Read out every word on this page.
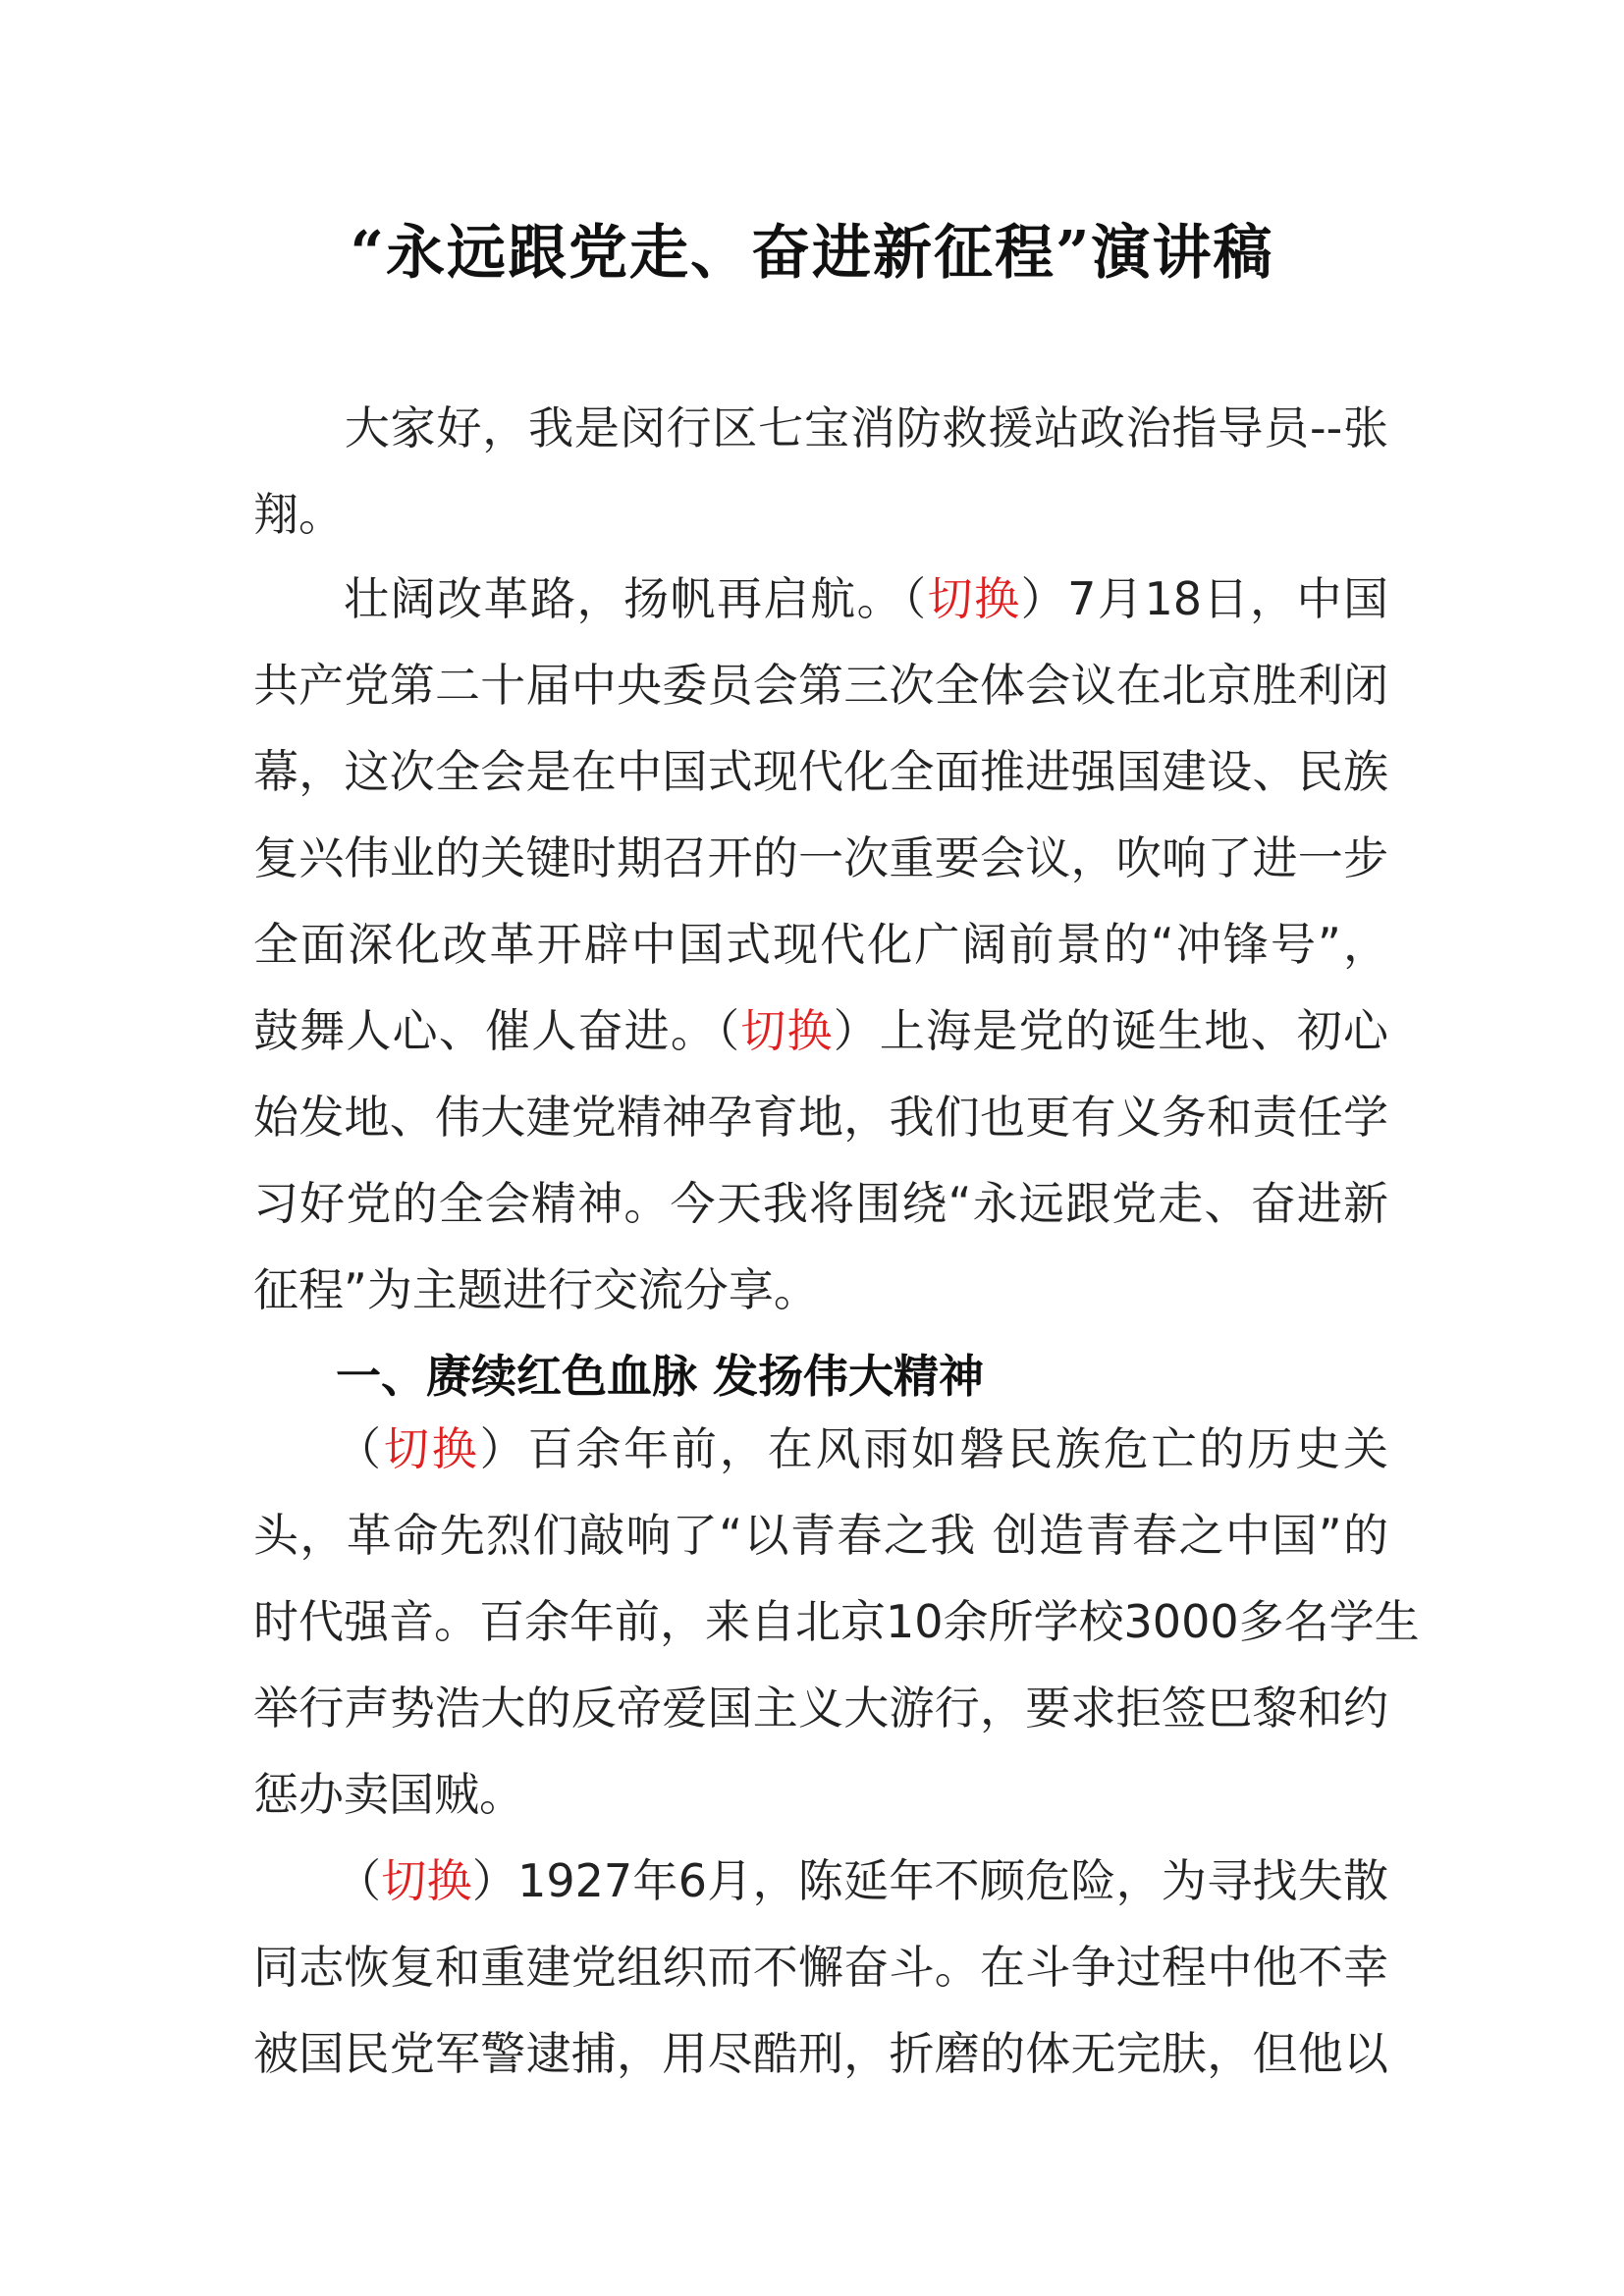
“永远跟党走、奋进新征程”演讲稿
大家好，我是闵行区七宝消防救援站政治指导员--张
翔。
壮阔改革路，扬帆再启航。（切换）7月18日，中国
共产党第二十届中央委员会第三次全体会议在北京胜利闭
幕，这次全会是在中国式现代化全面推进强国建设、民族
复兴伟业的关键时期召开的一次重要会议，吹响了进一步
全面深化改革开辟中国式现代化广阔前景的“冲锋号”，
鼓舞人心、催人奋进。（切换）上海是党的诞生地、初心
始发地、伟大建党精神孕育地，我们也更有义务和责任学
习好党的全会精神。今天我将围绕“永远跟党走、奋进新
征程”为主题进行交流分享。
一、赓续红色血脉 发扬伟大精神
（切换）百余年前，在风雨如磐民族危亡的历史关
头，革命先烈们敲响了“以青春之我 创造青春之中国”的
时代强音。百余年前，来自北京10余所学校3000多名学生
举行声势浩大的反帝爱国主义大游行，要求拒签巴黎和约
惩办卖国贼。
（切换）1927年6月，陈延年不顾危险，为寻找失散
同志恢复和重建党组织而不懈奋斗。在斗争过程中他不幸
被国民党军警逮捕，用尽酷刑，折磨的体无完肤，但他以
